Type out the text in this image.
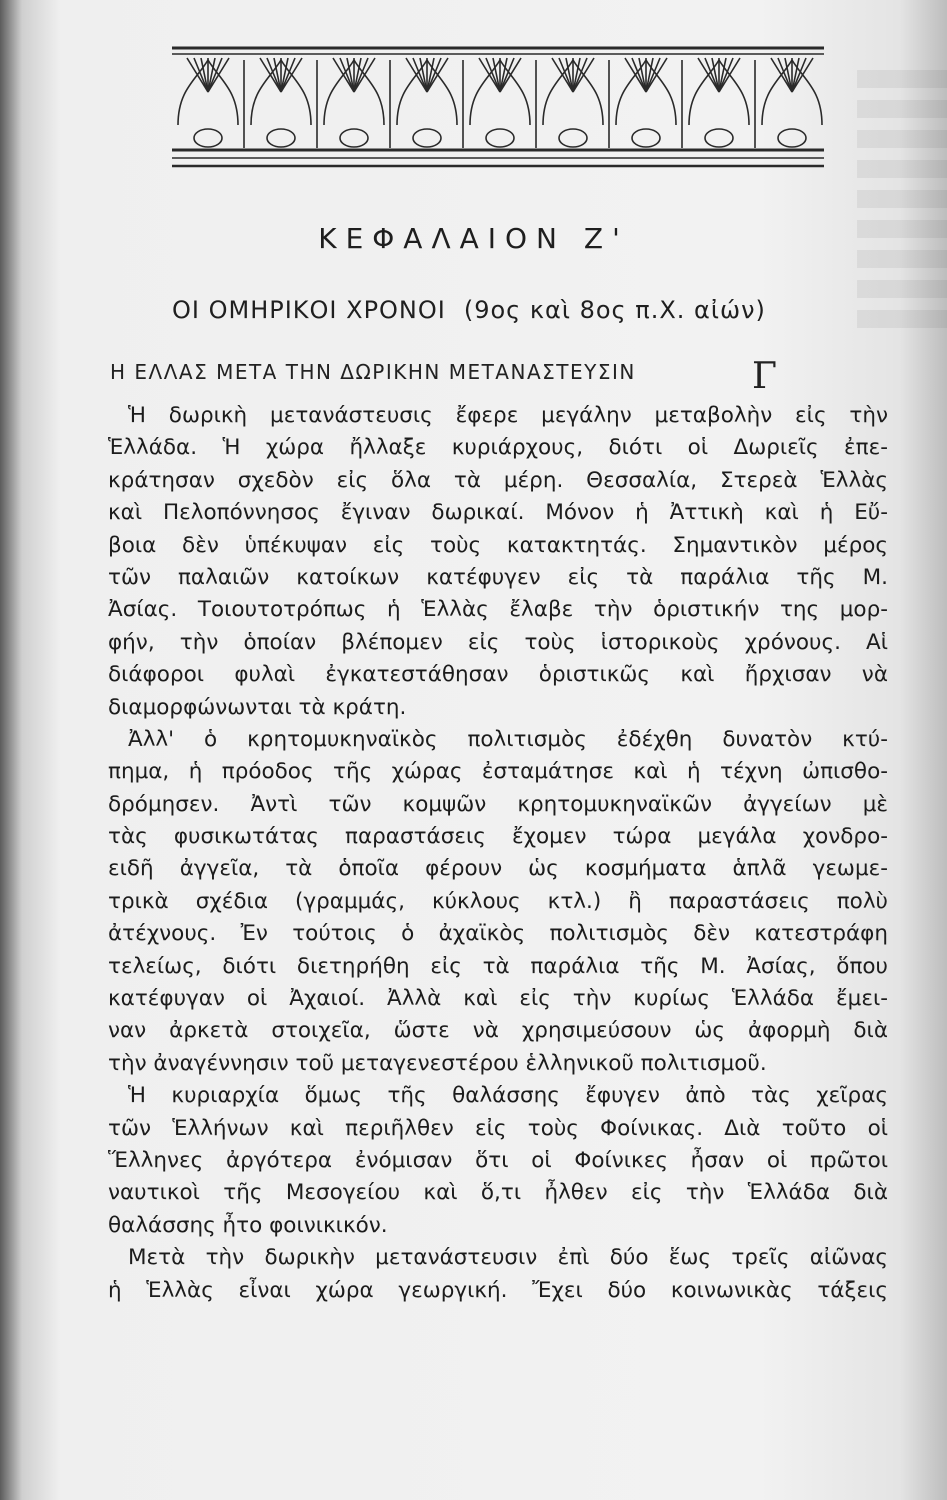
ΚΕΦΑΛΑΙΟΝ Ζ'
ΟΙ ΟΜΗΡΙΚΟΙ ΧΡΟΝΟΙ (9ος καὶ 8ος π.Χ. αἰών)
Η ΕΛΛΑΣ ΜΕΤΑ ΤΗΝ ΔΩΡΙΚΗΝ ΜΕΤΑΝΑΣΤΕΥΣΙΝ	Γ
Ἡ δωρικὴ μετανάστευσις ἔφερε μεγάλην μεταβολὴν εἰς τὴν
Ἑλλάδα. Ἡ χώρα ἤλλαξε κυριάρχους, διότι οἱ Δωριεῖς ἐπε-
κράτησαν σχεδὸν εἰς ὅλα τὰ μέρη. Θεσσαλία, Στερεὰ Ἑλλὰς
καὶ Πελοπόννησος ἔγιναν δωρικαί. Μόνον ἡ Ἀττικὴ καὶ ἡ Εὔ-
βοια δὲν ὑπέκυψαν εἰς τοὺς κατακτητάς. Σημαντικὸν μέρος
τῶν παλαιῶν κατοίκων κατέφυγεν εἰς τὰ παράλια τῆς Μ.
Ἀσίας. Τοιουτοτρόπως ἡ Ἑλλὰς ἔλαβε τὴν ὁριστικήν της μορ-
φήν, τὴν ὁποίαν βλέπομεν εἰς τοὺς ἱστορικοὺς χρόνους. Αἱ
διάφοροι φυλαὶ ἐγκατεστάθησαν ὁριστικῶς καὶ ἤρχισαν νὰ
διαμορφώνωνται τὰ κράτη.
Ἀλλ' ὁ κρητομυκηναϊκὸς πολιτισμὸς ἐδέχθη δυνατὸν κτύ-
πημα, ἡ πρόοδος τῆς χώρας ἐσταμάτησε καὶ ἡ τέχνη ὠπισθο-
δρόμησεν. Ἀντὶ τῶν κομψῶν κρητομυκηναϊκῶν ἀγγείων μὲ
τὰς φυσικωτάτας παραστάσεις ἔχομεν τώρα μεγάλα χονδρο-
ειδῆ ἀγγεῖα, τὰ ὁποῖα φέρουν ὡς κοσμήματα ἁπλᾶ γεωμε-
τρικὰ σχέδια (γραμμάς, κύκλους κτλ.) ἢ παραστάσεις πολὺ
ἀτέχνους. Ἐν τούτοις ὁ ἀχαϊκὸς πολιτισμὸς δὲν κατεστράφη
τελείως, διότι διετηρήθη εἰς τὰ παράλια τῆς Μ. Ἀσίας, ὅπου
κατέφυγαν οἱ Ἀχαιοί. Ἀλλὰ καὶ εἰς τὴν κυρίως Ἑλλάδα ἔμει-
ναν ἀρκετὰ στοιχεῖα, ὥστε νὰ χρησιμεύσουν ὡς ἀφορμὴ διὰ
τὴν ἀναγέννησιν τοῦ μεταγενεστέρου ἑλληνικοῦ πολιτισμοῦ.
Ἡ κυριαρχία ὅμως τῆς θαλάσσης ἔφυγεν ἀπὸ τὰς χεῖρας
τῶν Ἑλλήνων καὶ περιῆλθεν εἰς τοὺς Φοίνικας. Διὰ τοῦτο οἱ
Ἕλληνες ἀργότερα ἐνόμισαν ὅτι οἱ Φοίνικες ἦσαν οἱ πρῶτοι
ναυτικοὶ τῆς Μεσογείου καὶ ὅ,τι ἦλθεν εἰς τὴν Ἑλλάδα διὰ
θαλάσσης ἦτο φοινικικόν.
Μετὰ τὴν δωρικὴν μετανάστευσιν ἐπὶ δύο ἕως τρεῖς αἰῶνας
ἡ Ἑλλὰς εἶναι χώρα γεωργική. Ἔχει δύο κοινωνικὰς τάξεις
